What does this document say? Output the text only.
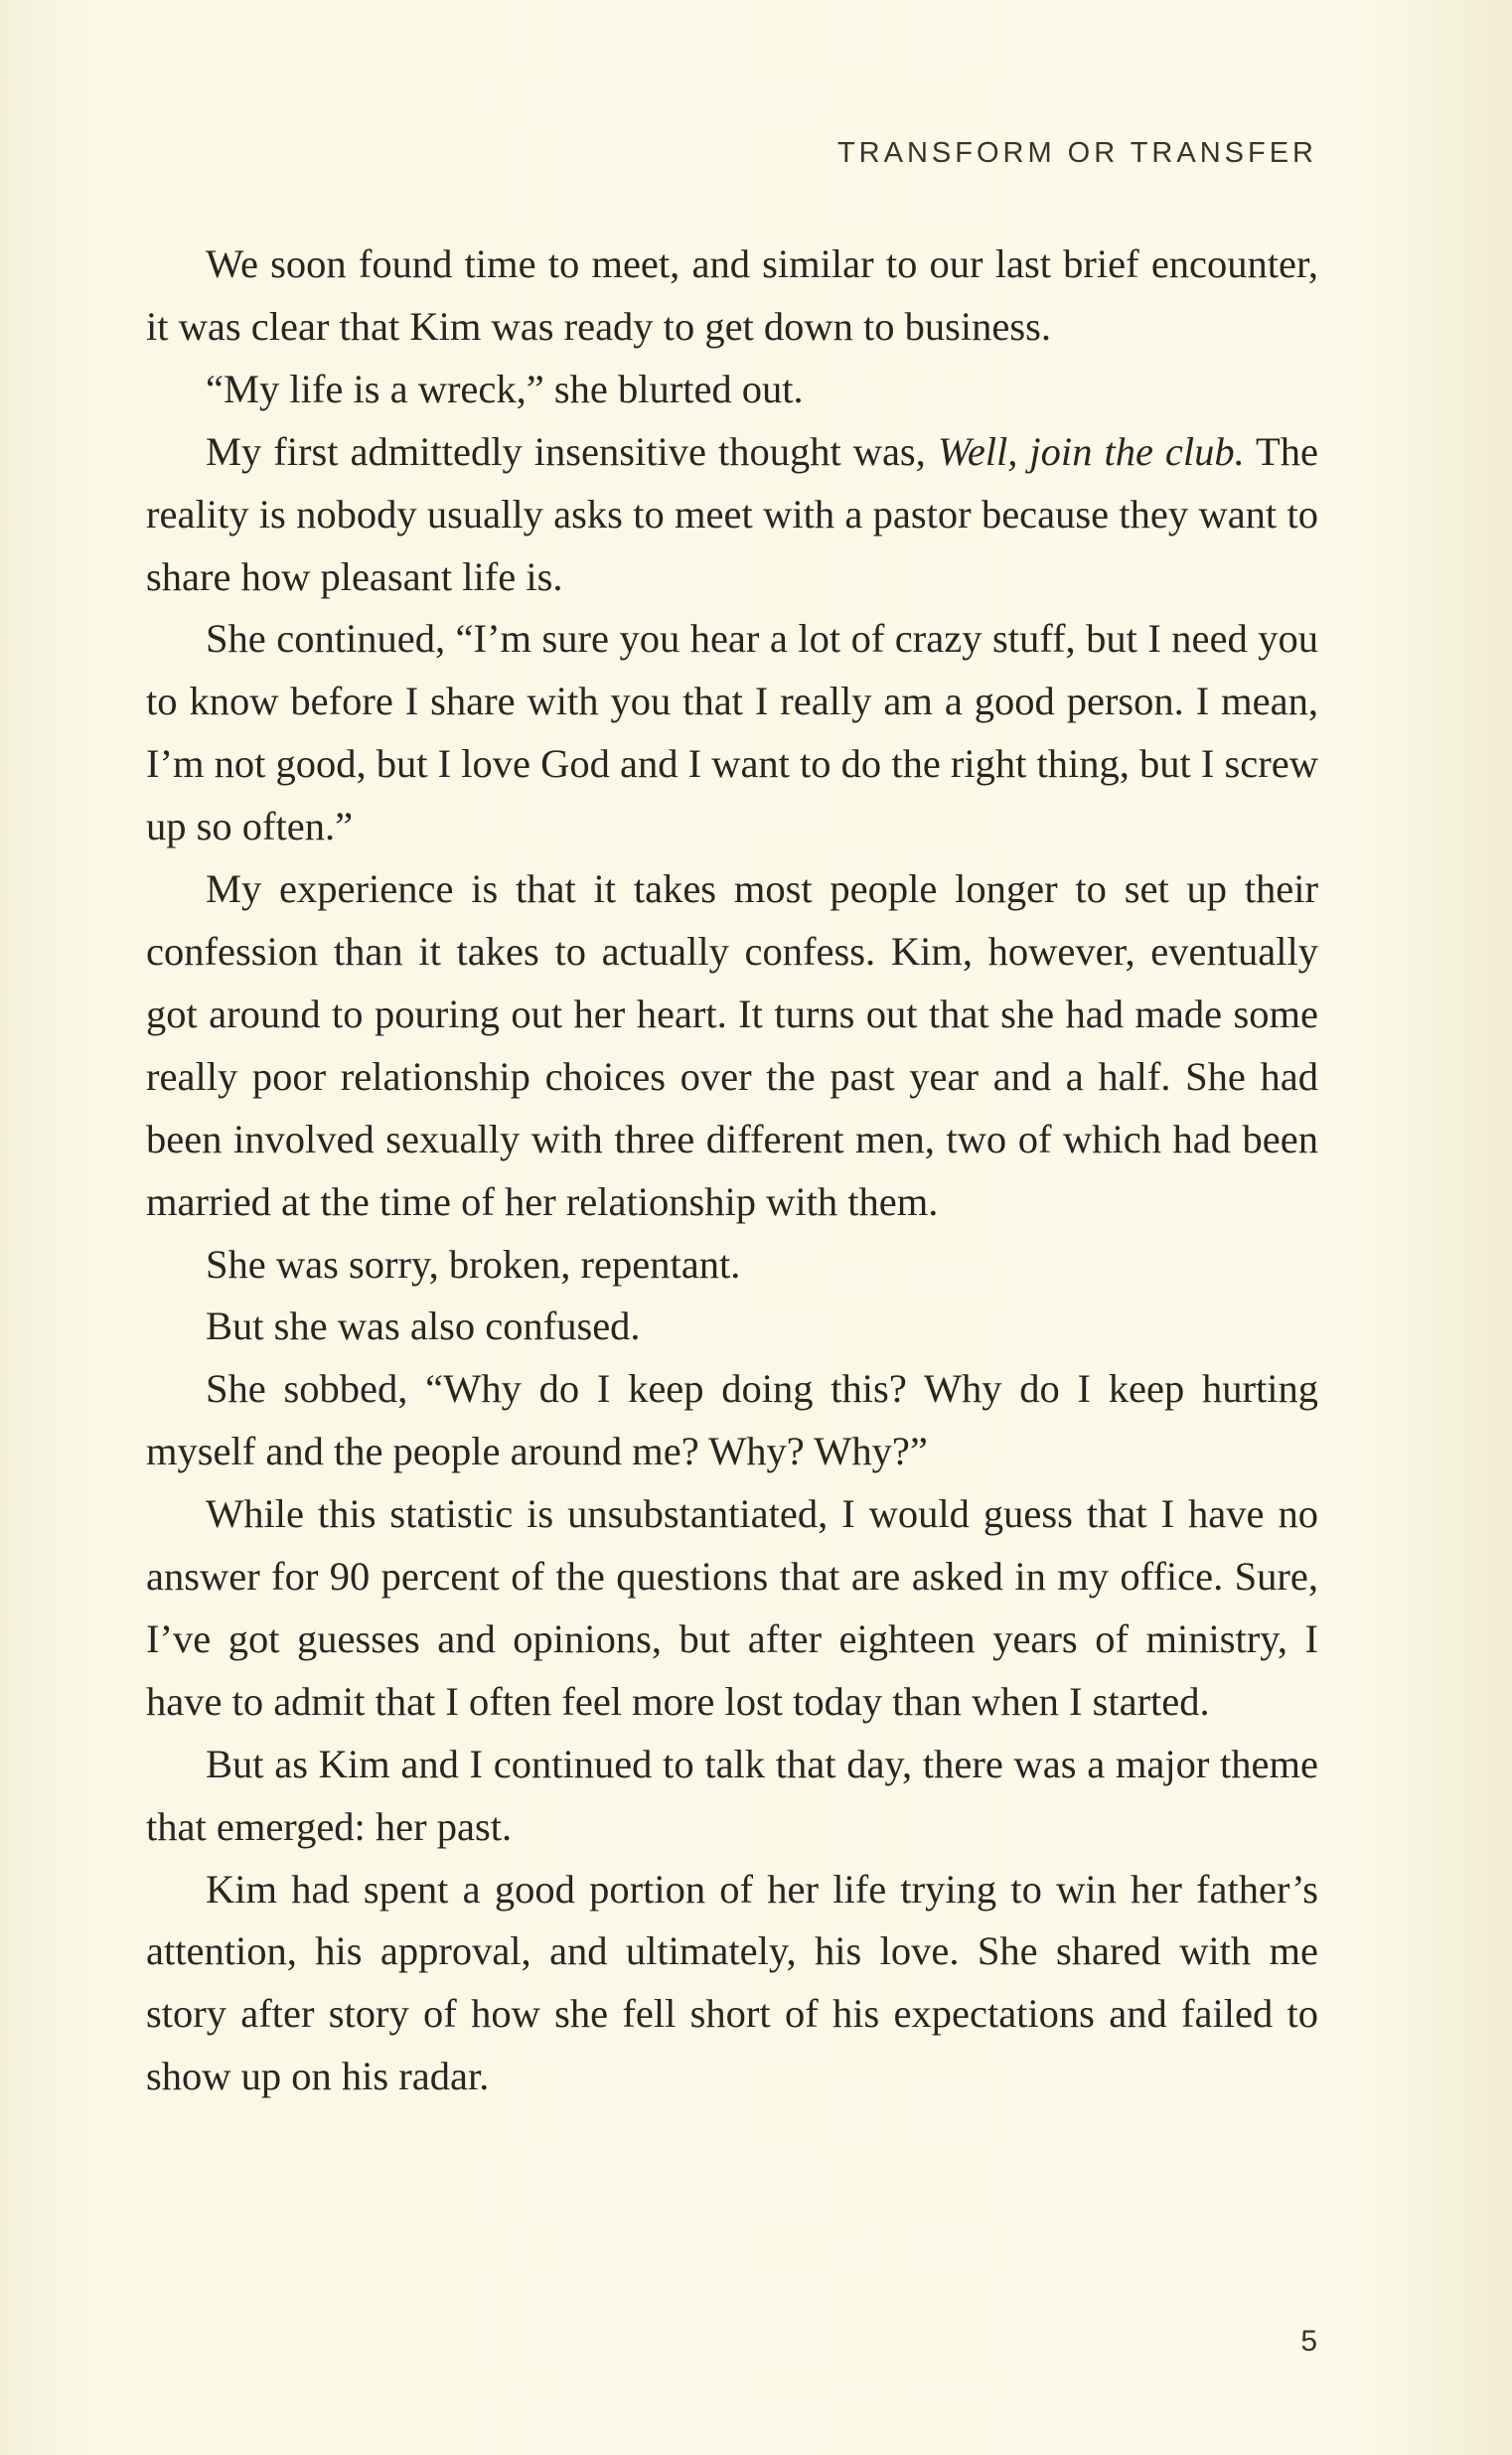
TRANSFORM OR TRANSFER

We soon found time to meet, and similar to our last brief encounter, it was clear that Kim was ready to get down to business.

“My life is a wreck,” she blurted out.

My first admittedly insensitive thought was, Well, join the club. The reality is nobody usually asks to meet with a pastor because they want to share how pleasant life is.

She continued, “I’m sure you hear a lot of crazy stuff, but I need you to know before I share with you that I really am a good person. I mean, I’m not good, but I love God and I want to do the right thing, but I screw up so often.”

My experience is that it takes most people longer to set up their confession than it takes to actually confess. Kim, however, eventually got around to pouring out her heart. It turns out that she had made some really poor relationship choices over the past year and a half. She had been involved sexually with three different men, two of which had been married at the time of her relationship with them.

She was sorry, broken, repentant.

But she was also confused.

She sobbed, “Why do I keep doing this? Why do I keep hurting myself and the people around me? Why? Why?”

While this statistic is unsubstantiated, I would guess that I have no answer for 90 percent of the questions that are asked in my office. Sure, I’ve got guesses and opinions, but after eighteen years of ministry, I have to admit that I often feel more lost today than when I started.

But as Kim and I continued to talk that day, there was a major theme that emerged: her past.

Kim had spent a good portion of her life trying to win her father’s attention, his approval, and ultimately, his love. She shared with me story after story of how she fell short of his expectations and failed to show up on his radar.

5
